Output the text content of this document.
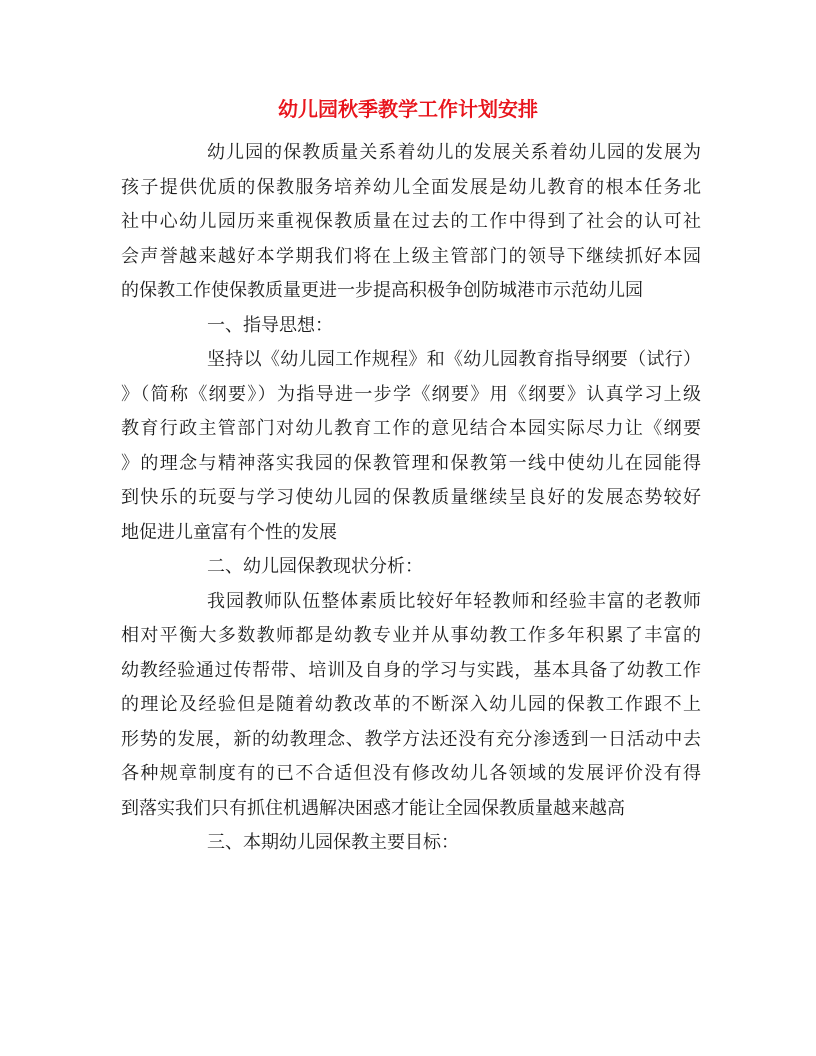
幼儿园秋季教学工作计划安排
幼儿园的保教质量关系着幼儿的发展关系着幼儿园的发展为
孩子提供优质的保教服务培养幼儿全面发展是幼儿教育的根本任务北
社中心幼儿园历来重视保教质量在过去的工作中得到了社会的认可社
会声誉越来越好本学期我们将在上级主管部门的领导下继续抓好本园
的保教工作使保教质量更进一步提高积极争创防城港市示范幼儿园
一、指导思想：
坚持以《幼儿园工作规程》和《幼儿园教育指导纲要（试行）
》（简称《纲要》）为指导进一步学《纲要》用《纲要》认真学习上级
教育行政主管部门对幼儿教育工作的意见结合本园实际尽力让《纲要
》的理念与精神落实我园的保教管理和保教第一线中使幼儿在园能得
到快乐的玩耍与学习使幼儿园的保教质量继续呈良好的发展态势较好
地促进儿童富有个性的发展
二、幼儿园保教现状分析：
我园教师队伍整体素质比较好年轻教师和经验丰富的老教师
相对平衡大多数教师都是幼教专业并从事幼教工作多年积累了丰富的
幼教经验通过传帮带、培训及自身的学习与实践，基本具备了幼教工作
的理论及经验但是随着幼教改革的不断深入幼儿园的保教工作跟不上
形势的发展，新的幼教理念、教学方法还没有充分渗透到一日活动中去
各种规章制度有的已不合适但没有修改幼儿各领域的发展评价没有得
到落实我们只有抓住机遇解决困惑才能让全园保教质量越来越高
三、本期幼儿园保教主要目标：
